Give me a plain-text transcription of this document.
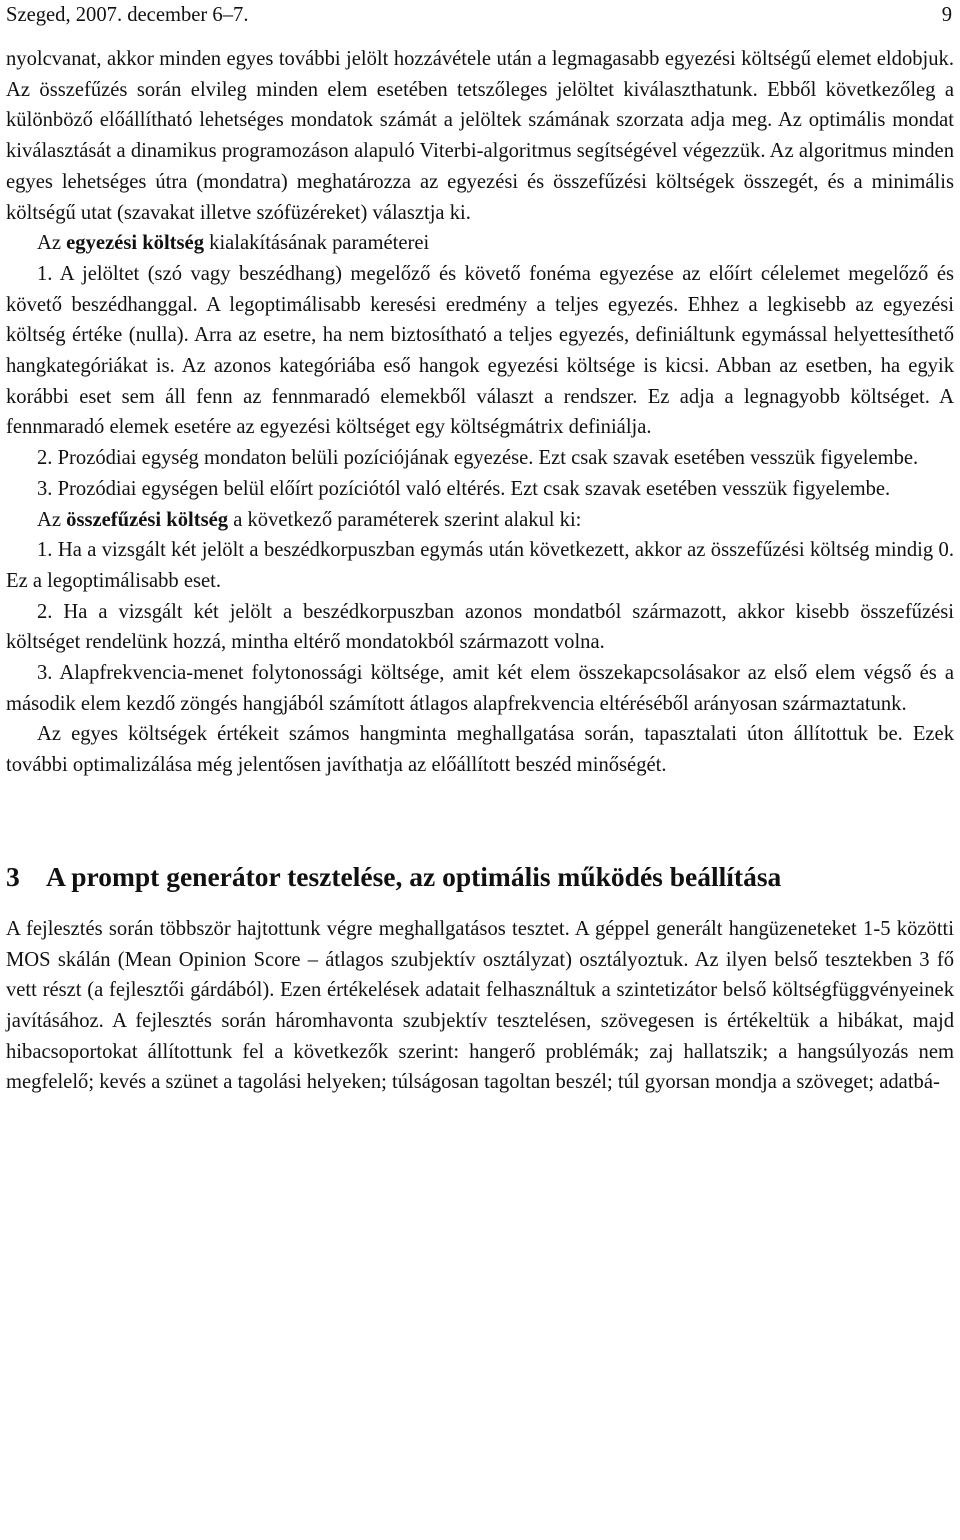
Szeged, 2007. december 6–7.	9

nyolcvanat, akkor minden egyes további jelölt hozzávétele után a legmagasabb egyezési költségű elemet eldobjuk. Az összefűzés során elvileg minden elem esetében tetszőleges jelöltet kiválaszthatunk. Ebből következőleg a különböző előállítható lehetséges mondatok számát a jelöltek számának szorzata adja meg. Az optimális mondat kiválasztását a dinamikus programozáson alapuló Viterbi-algoritmus segítségével végezzük. Az algoritmus minden egyes lehetséges útra (mondatra) meghatározza az egyezési és összefűzési költségek összegét, és a minimális költségű utat (szavakat illetve szófüzéreket) választja ki.

Az egyezési költség kialakításának paraméterei

1. A jelöltet (szó vagy beszédhang) megelőző és követő fonéma egyezése az előírt célelemet megelőző és követő beszédhanggal. A legoptimálisabb keresési eredmény a teljes egyezés. Ehhez a legkisebb az egyezési költség értéke (nulla). Arra az esetre, ha nem biztosítható a teljes egyezés, definiáltunk egymással helyettesíthető hangkategóriákat is. Az azonos kategóriába eső hangok egyezési költsége is kicsi. Abban az esetben, ha egyik korábbi eset sem áll fenn az fennmaradó elemekből választ a rendszer. Ez adja a legnagyobb költséget. A fennmaradó elemek esetére az egyezési költséget egy költségmátrix definiálja.

2. Prozódiai egység mondaton belüli pozíciójának egyezése. Ezt csak szavak esetében vesszük figyelembe.

3. Prozódiai egységen belül előírt pozíciótól való eltérés. Ezt csak szavak esetében vesszük figyelembe.

Az összefűzési költség a következő paraméterek szerint alakul ki:

1. Ha a vizsgált két jelölt a beszédkorpuszban egymás után következett, akkor az összefűzési költség mindig 0. Ez a legoptimálisabb eset.

2. Ha a vizsgált két jelölt a beszédkorpuszban azonos mondatból származott, akkor kisebb összefűzési költséget rendelünk hozzá, mintha eltérő mondatokból származott volna.

3. Alapfrekvencia-menet folytonossági költsége, amit két elem összekapcsolásakor az első elem végső és a második elem kezdő zöngés hangjából számított átlagos alapfrekvencia eltéréséből arányosan származtatunk.

Az egyes költségek értékeit számos hangminta meghallgatása során, tapasztalati úton állítottuk be. Ezek további optimalizálása még jelentősen javíthatja az előállított beszéd minőségét.

3 A prompt generátor tesztelése, az optimális működés beállítása

A fejlesztés során többször hajtottunk végre meghallgatásos tesztet. A géppel generált hangüzeneteket 1-5 közötti MOS skálán (Mean Opinion Score – átlagos szubjektív osztályzat) osztályoztuk. Az ilyen belső tesztekben 3 fő vett részt (a fejlesztői gárdából). Ezen értékelések adatait felhasználtuk a szintetizátor belső költségfüggvényeinek javításához. A fejlesztés során háromhavonta szubjektív tesztelésen, szövegesen is értékeltük a hibákat, majd hibacsoportokat állítottunk fel a következők szerint: hangerő problémák; zaj hallatszik; a hangsúlyozás nem megfelelő; kevés a szünet a tagolási helyeken; túlságosan tagoltan beszél; túl gyorsan mondja a szöveget; adatbá-
